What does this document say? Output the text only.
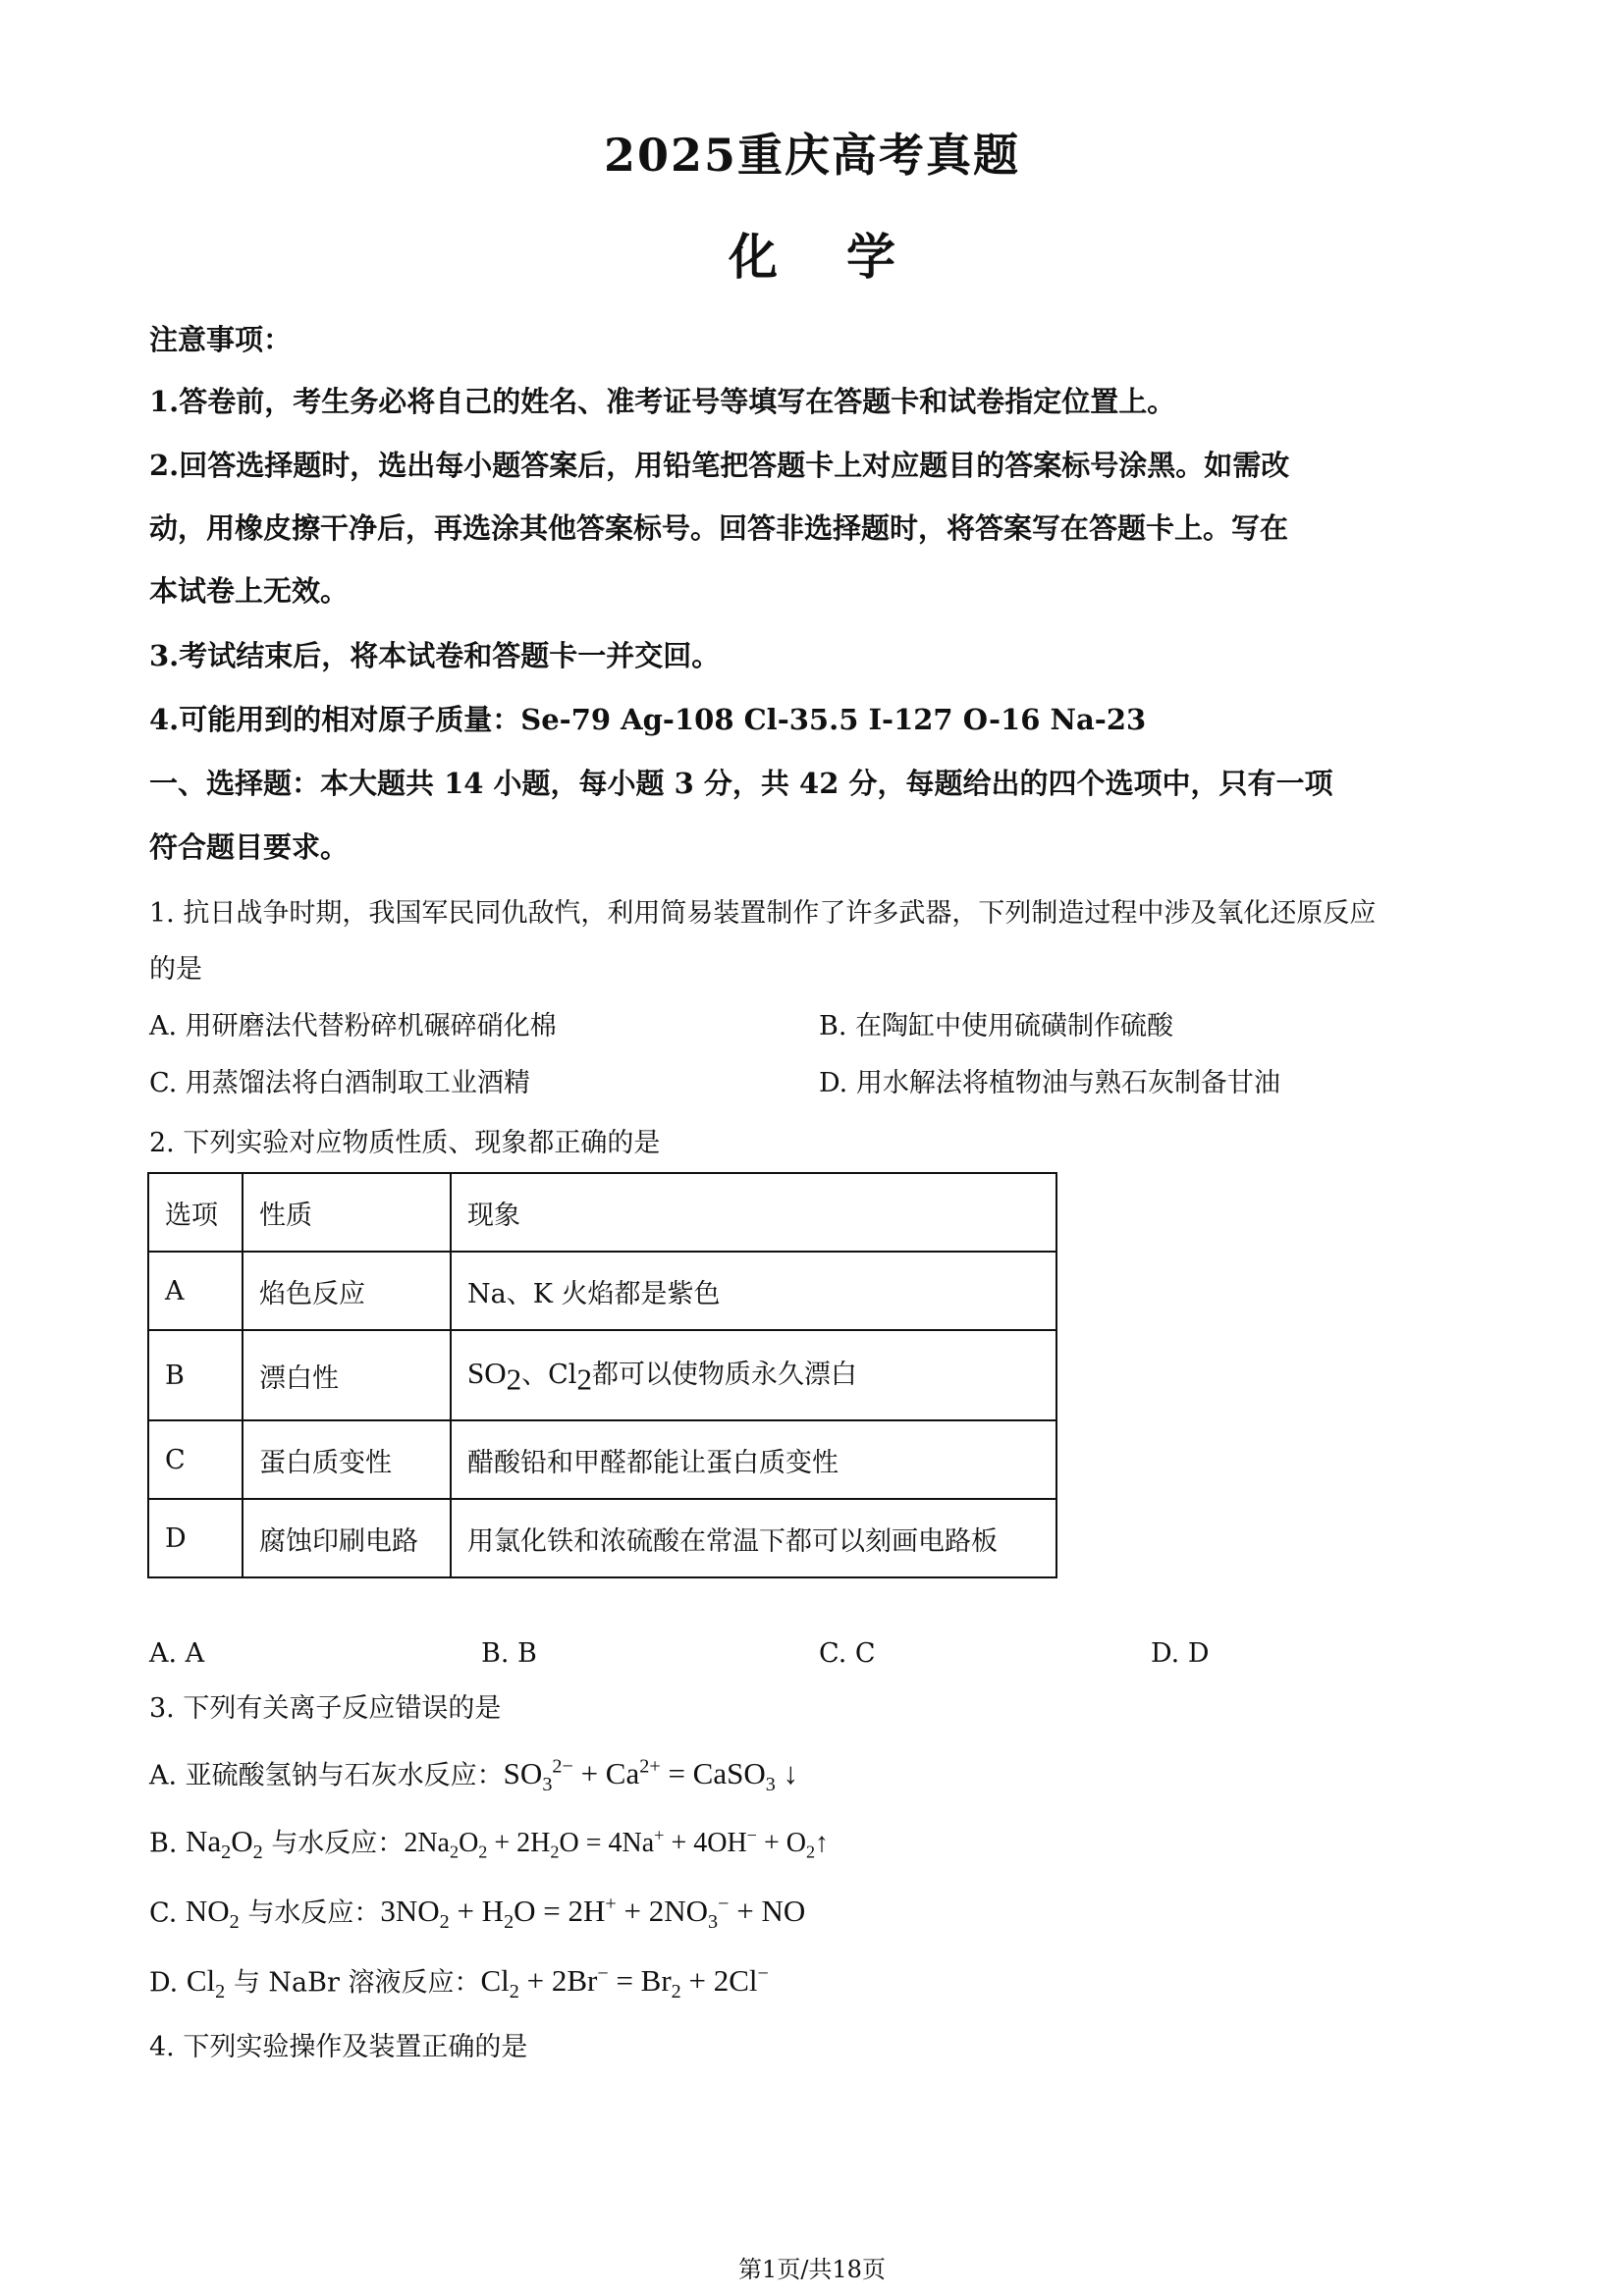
2025重庆高考真题
化学
注意事项：
1.答卷前，考生务必将自己的姓名、准考证号等填写在答题卡和试卷指定位置上。
2.回答选择题时，选出每小题答案后，用铅笔把答题卡上对应题目的答案标号涂黑。如需改
动，用橡皮擦干净后，再选涂其他答案标号。回答非选择题时，将答案写在答题卡上。写在
本试卷上无效。
3.考试结束后，将本试卷和答题卡一并交回。
4.可能用到的相对原子质量：Se-79 Ag-108 Cl-35.5 I-127 O-16 Na-23
一、选择题：本大题共 14 小题，每小题 3 分，共 42 分，每题给出的四个选项中，只有一项
符合题目要求。
1. 抗日战争时期，我国军民同仇敌忾，利用简易装置制作了许多武器，下列制造过程中涉及氧化还原反应
的是
A. 用研磨法代替粉碎机碾碎硝化棉	B. 在陶缸中使用硫磺制作硫酸
C. 用蒸馏法将白酒制取工业酒精	D. 用水解法将植物油与熟石灰制备甘油
2. 下列实验对应物质性质、现象都正确的是
选项	性质	现象
A	焰色反应	Na、K 火焰都是紫色
B	漂白性	$SO_2$、$Cl_2$都可以使物质永久漂白
C	蛋白质变性	醋酸铅和甲醛都能让蛋白质变性
D	腐蚀印刷电路	用氯化铁和浓硫酸在常温下都可以刻画电路板
A. A	B. B	C. C	D. D
3. 下列有关离子反应错误的是
A. 亚硫酸氢钠与石灰水反应：$SO_3^{2-} + Ca^{2+}$ = CaSO$_3$ ↓
B. $Na_2O_2$ 与水反应：$2Na_2O_2 + 2H_2O = 4Na^+ + 4OH^-$ + $O_2↑$
C. $NO_2$ 与水反应：$3NO_2 + H_2O = 2H^+ + 2NO_3^-$ + NO
D. $Cl_2$ 与 NaBr 溶液反应：$Cl_2 + 2Br^- = Br_2 + 2Cl^-$
4. 下列实验操作及装置正确的是
第1页/共18页
